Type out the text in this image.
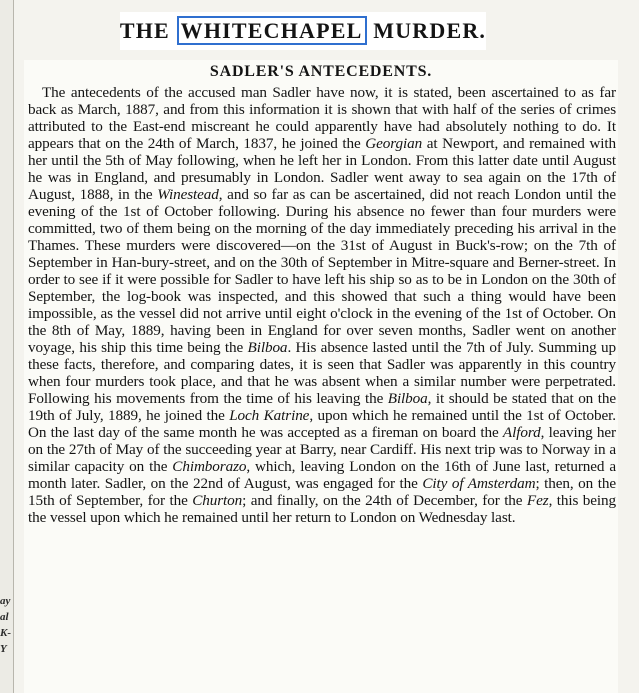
ay
al
K-
Y
THE WHITECHAPEL MURDER.
SADLER'S ANTECEDENTS.

The antecedents of the accused man Sadler have now, it is stated, been ascertained to as far back as March, 1887, and from this information it is shown that with half of the series of crimes attributed to the East-end miscreant he could apparently have had absolutely nothing to do. It appears that on the 24th of March, 1837, he joined the Georgian at Newport, and remained with her until the 5th of May following, when he left her in London. From this latter date until August he was in England, and presumably in London. Sadler went away to sea again on the 17th of August, 1888, in the Winestead, and so far as can be ascertained, did not reach London until the evening of the 1st of October following. During his absence no fewer than four murders were committed, two of them being on the morning of the day immediately preceding his arrival in the Thames. These murders were discovered—on the 31st of August in Buck's-row; on the 7th of September in Han-bury-street, and on the 30th of September in Mitre-square and Berner-street. In order to see if it were possible for Sadler to have left his ship so as to be in London on the 30th of September, the log-book was inspected, and this showed that such a thing would have been impossible, as the vessel did not arrive until eight o'clock in the evening of the 1st of October. On the 8th of May, 1889, having been in England for over seven months, Sadler went on another voyage, his ship this time being the Bilboa. His absence lasted until the 7th of July. Summing up these facts, therefore, and comparing dates, it is seen that Sadler was apparently in this country when four murders took place, and that he was absent when a similar number were perpetrated. Following his movements from the time of his leaving the Bilboa, it should be stated that on the 19th of July, 1889, he joined the Loch Katrine, upon which he remained until the 1st of October. On the last day of the same month he was accepted as a fireman on board the Alford, leaving her on the 27th of May of the succeeding year at Barry, near Cardiff. His next trip was to Norway in a similar capacity on the Chimborazo, which, leaving London on the 16th of June last, returned a month later. Sadler, on the 22nd of August, was engaged for the City of Amsterdam; then, on the 15th of September, for the Churton; and finally, on the 24th of December, for the Fez, this being the vessel upon which he remained until her return to London on Wednesday last.
